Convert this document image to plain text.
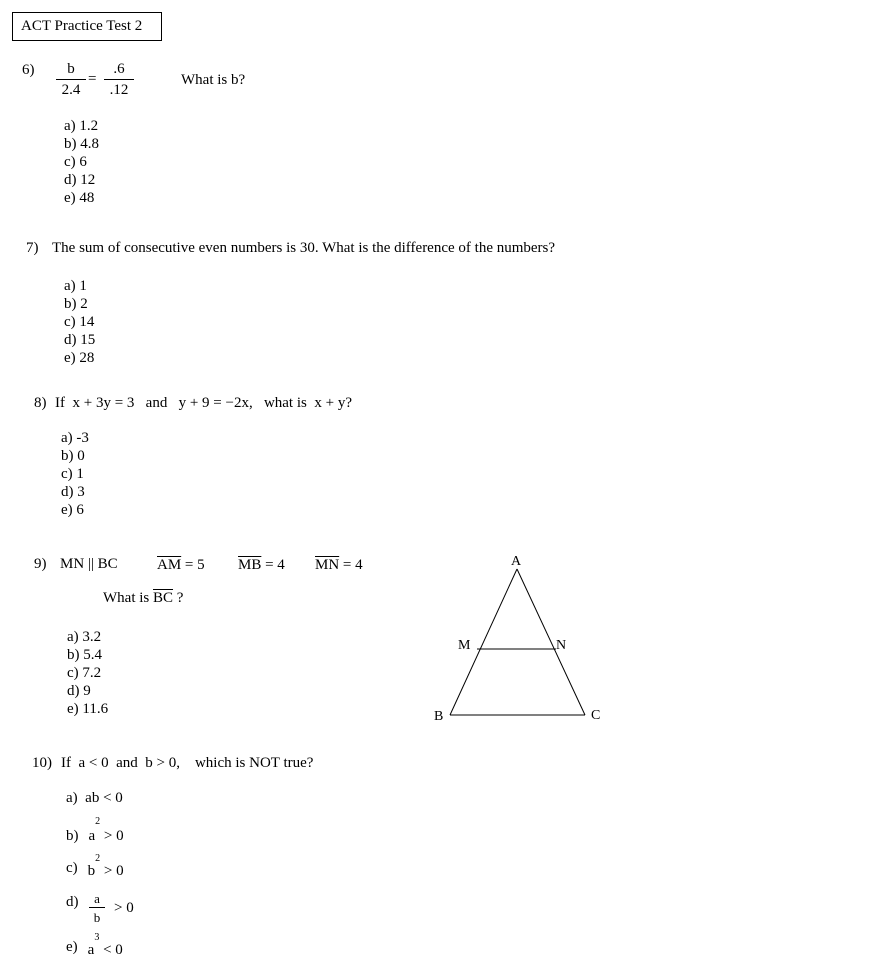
ACT Practice Test 2
$6) \frac{b}{2.4} = \frac{.6}{.12}$	What is b?
a) 1.2
b) 4.8
c) 6
d) 12
e) 48
7) The sum of consecutive even numbers is 30. What is the difference of the numbers?
a) 1
b) 2
c) 14
d) 15
e) 28
8) If  x + 3y = 3   and   y + 9 = −2x,   what is  x + y?
a) -3
b) 0
c) 1
d) 3
e) 6
9) MN || BC	$\overline{AM} = 5$ $\overline{MB} = 4$ $\overline{MN} = 4$
What is $\overline{BC}$ ?
a) 3.2
b) 5.4
c) 7.2
d) 9
e) 11.6
A
B	C
M	N
10) If  a < 0  and  b > 0,    which is NOT true?
a) ab < 0
b) $a^2 > 0$
c) $b^2 > 0$
$d) \frac{a}{b} > 0$
e) $a^3 < 0$
